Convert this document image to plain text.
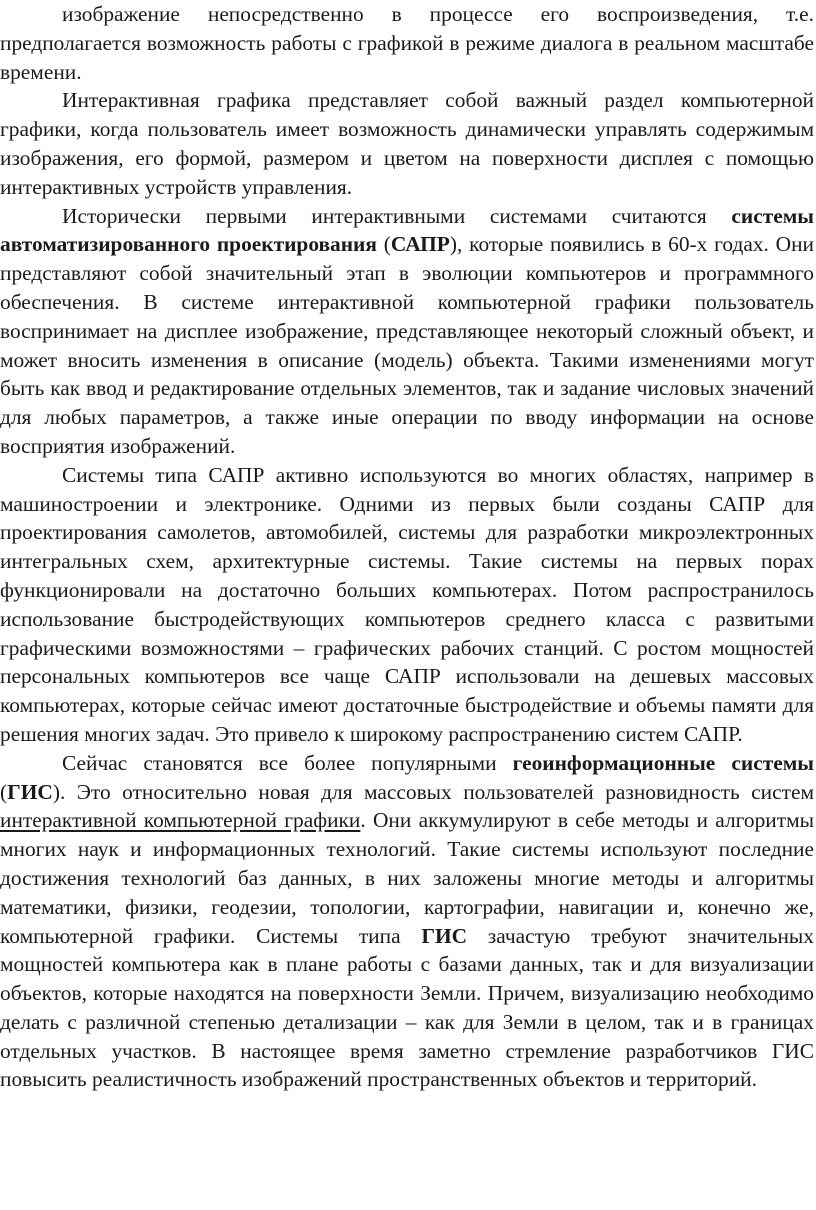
изображение непосредственно в процессе его воспроизведения, т.е. предполагается возможность работы с графикой в режиме диалога в реальном масштабе времени.

Интерактивная графика представляет собой важный раздел компьютерной графики, когда пользователь имеет возможность динамически управлять содержимым изображения, его формой, размером и цветом на поверхности дисплея с помощью интерактивных устройств управления.

Исторически первыми интерактивными системами считаются системы автоматизированного проектирования (САПР), которые появились в 60-х годах. Они представляют собой значительный этап в эволюции компьютеров и программного обеспечения. В системе интерактивной компьютерной графики пользователь воспринимает на дисплее изображение, представляющее некоторый сложный объект, и может вносить изменения в описание (модель) объекта. Такими изменениями могут быть как ввод и редактирование отдельных элементов, так и задание числовых значений для любых параметров, а также иные операции по вводу информации на основе восприятия изображений.

Системы типа САПР активно используются во многих областях, например в машиностроении и электронике. Одними из первых были созданы САПР для проектирования самолетов, автомобилей, системы для разработки микроэлектронных интегральных схем, архитектурные системы. Такие системы на первых порах функционировали на достаточно больших компьютерах. Потом распространилось использование быстродействующих компьютеров среднего класса с развитыми графическими возможностями – графических рабочих станций. С ростом мощностей персональных компьютеров все чаще САПР использовали на дешевых массовых компьютерах, которые сейчас имеют достаточные быстродействие и объемы памяти для решения многих задач. Это привело к широкому распространению систем САПР.

Сейчас становятся все более популярными геоинформационные системы (ГИС). Это относительно новая для массовых пользователей разновидность систем интерактивной компьютерной графики. Они аккумулируют в себе методы и алгоритмы многих наук и информационных технологий. Такие системы используют последние достижения технологий баз данных, в них заложены многие методы и алгоритмы математики, физики, геодезии, топологии, картографии, навигации и, конечно же, компьютерной графики. Системы типа ГИС зачастую требуют значительных мощностей компьютера как в плане работы с базами данных, так и для визуализации объектов, которые находятся на поверхности Земли. Причем, визуализацию необходимо делать с различной степенью детализации – как для Земли в целом, так и в границах отдельных участков. В настоящее время заметно стремление разработчиков ГИС повысить реалистичность изображений пространственных объектов и территорий.
